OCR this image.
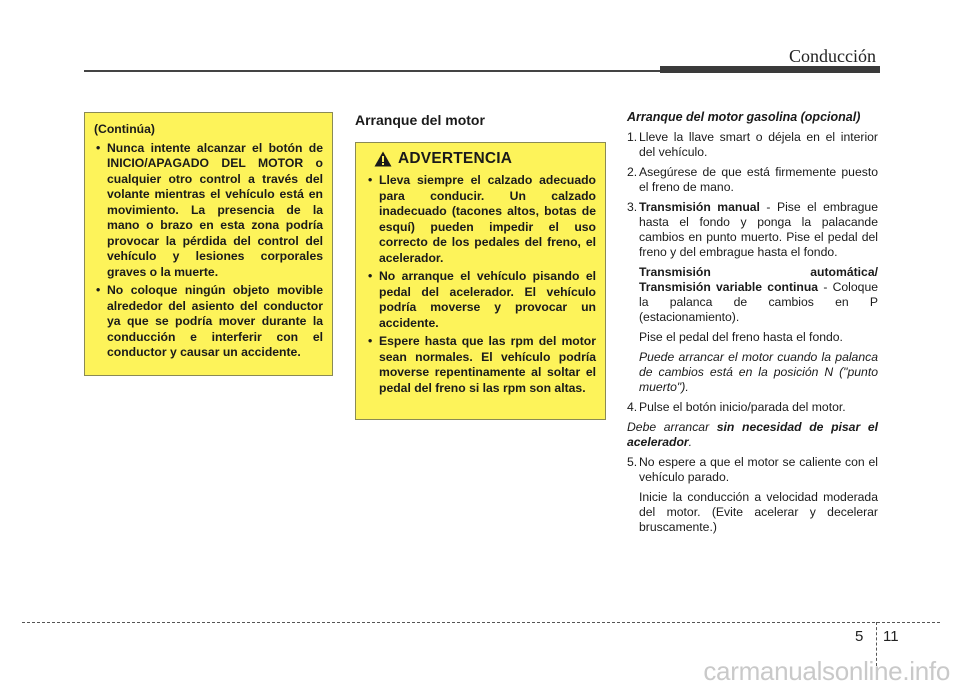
Conducción
(Continúa)
• Nunca intente alcanzar el botón de INICIO/APAGADO DEL MOTOR o cualquier otro control a través del volante mientras el vehículo está en movimiento. La presencia de la mano o brazo en esta zona podría provocar la pérdida del control del vehículo y lesiones corporales graves o la muerte.
• No coloque ningún objeto movible alrededor del asiento del conductor ya que se podría mover durante la conducción e interferir con el conductor y causar un accidente.
Arranque del motor
ADVERTENCIA
• Lleva siempre el calzado adecuado para conducir. Un calzado inadecuado (tacones altos, botas de esquí) pueden impedir el uso correcto de los pedales del freno, el acelerador.
• No arranque el vehículo pisando el pedal del acelerador. El vehículo podría moverse y provocar un accidente.
• Espere hasta que las rpm del motor sean normales. El vehículo podría moverse repentinamente al soltar el pedal del freno si las rpm son altas.
Arranque del motor gasolina (opcional)
1. Lleve la llave smart o déjela en el interior del vehículo.
2. Asegúrese de que está firmemente puesto el freno de mano.
3. Transmisión manual - Pise el embrague hasta el fondo y ponga la palacande cambios en punto muerto. Pise el pedal del freno y del embrague hasta el fondo.
Transmisión automática/
Transmisión variable continua - Coloque la palanca de cambios en P (estacionamiento).
Pise el pedal del freno hasta el fondo.
Puede arrancar el motor cuando la palanca de cambios está en la posición N ("punto muerto").
4. Pulse el botón inicio/parada del motor.
Debe arrancar sin necesidad de pisar el acelerador.
5. No espere a que el motor se caliente con el vehículo parado.
Inicie la conducción a velocidad moderada del motor. (Evite acelerar y decelerar bruscamente.)
5 11
carmanualsonline.info
